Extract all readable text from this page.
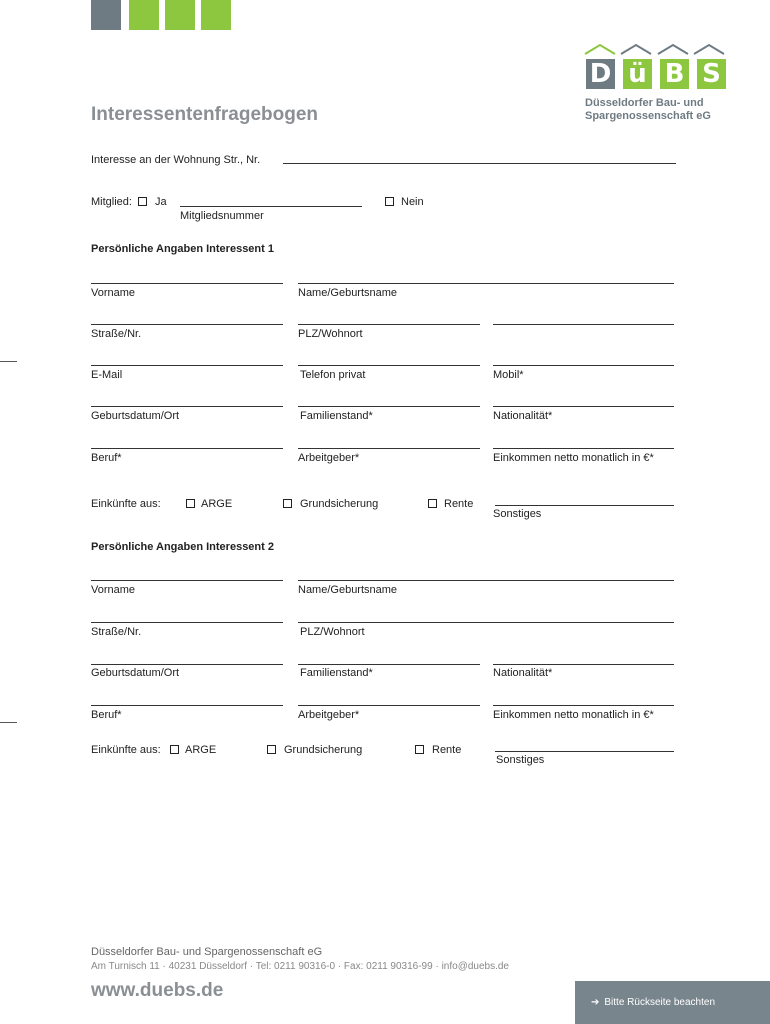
D ü B S
Düsseldorfer Bau- und
Spargenossenschaft eG
Interessentenfragebogen
Interesse an der Wohnung Str., Nr.
Mitglied: Ja
Mitgliedsnummer
Nein
Persönliche Angaben Interessent 1
Vorname	Name/Geburtsname
Straße/Nr.	PLZ/Wohnort
E-Mail	Telefon privat	Mobil*
Geburtsdatum/Ort	Familienstand*	Nationalität*
Beruf*	Arbeitgeber*	Einkommen netto monatlich in €*
Einkünfte aus:	ARGE	Grundsicherung	Rente
Sonstiges
Persönliche Angaben Interessent 2
Vorname	Name/Geburtsname
Straße/Nr.	PLZ/Wohnort
Geburtsdatum/Ort	Familienstand*	Nationalität*
Beruf*	Arbeitgeber*	Einkommen netto monatlich in €*
Einkünfte aus: ARGE	Grundsicherung	Rente
Sonstiges
Düsseldorfer Bau- und Spargenossenschaft eG
Am Turnisch 11 · 40231 Düsseldorf · Tel: 0211 90316-0 · Fax: 0211 90316-99 · info@duebs.de
www.duebs.de
➔ Bitte Rückseite beachten
